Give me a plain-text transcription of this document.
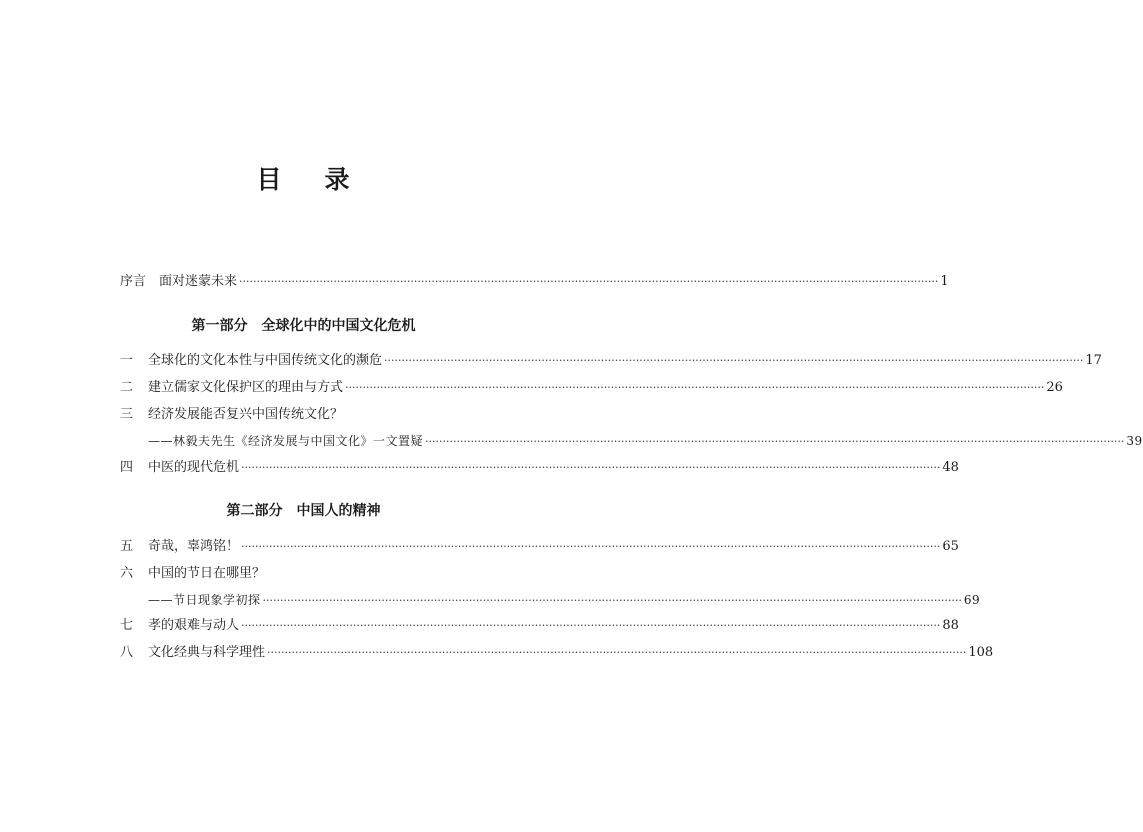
目 录
序言　面对迷蒙未来 ········································································································································································································ 1
第一部分 全球化中的中国文化危机
一	全球化的文化本性与中国传统文化的濒危 ········································································································································································································ 17
二	建立儒家文化保护区的理由与方式 ········································································································································································································ 26
三	经济发展能否复兴中国传统文化？
——林毅夫先生《经济发展与中国文化》一文置疑 ········································································································································································································ 39
四	中医的现代危机 ········································································································································································································ 48
第二部分 中国人的精神
五	奇哉，辜鸿铭！ ········································································································································································································ 65
六	中国的节日在哪里？
——节日现象学初探 ········································································································································································································ 69
七	孝的艰难与动人 ········································································································································································································ 88
八	文化经典与科学理性 ········································································································································································································ 108
